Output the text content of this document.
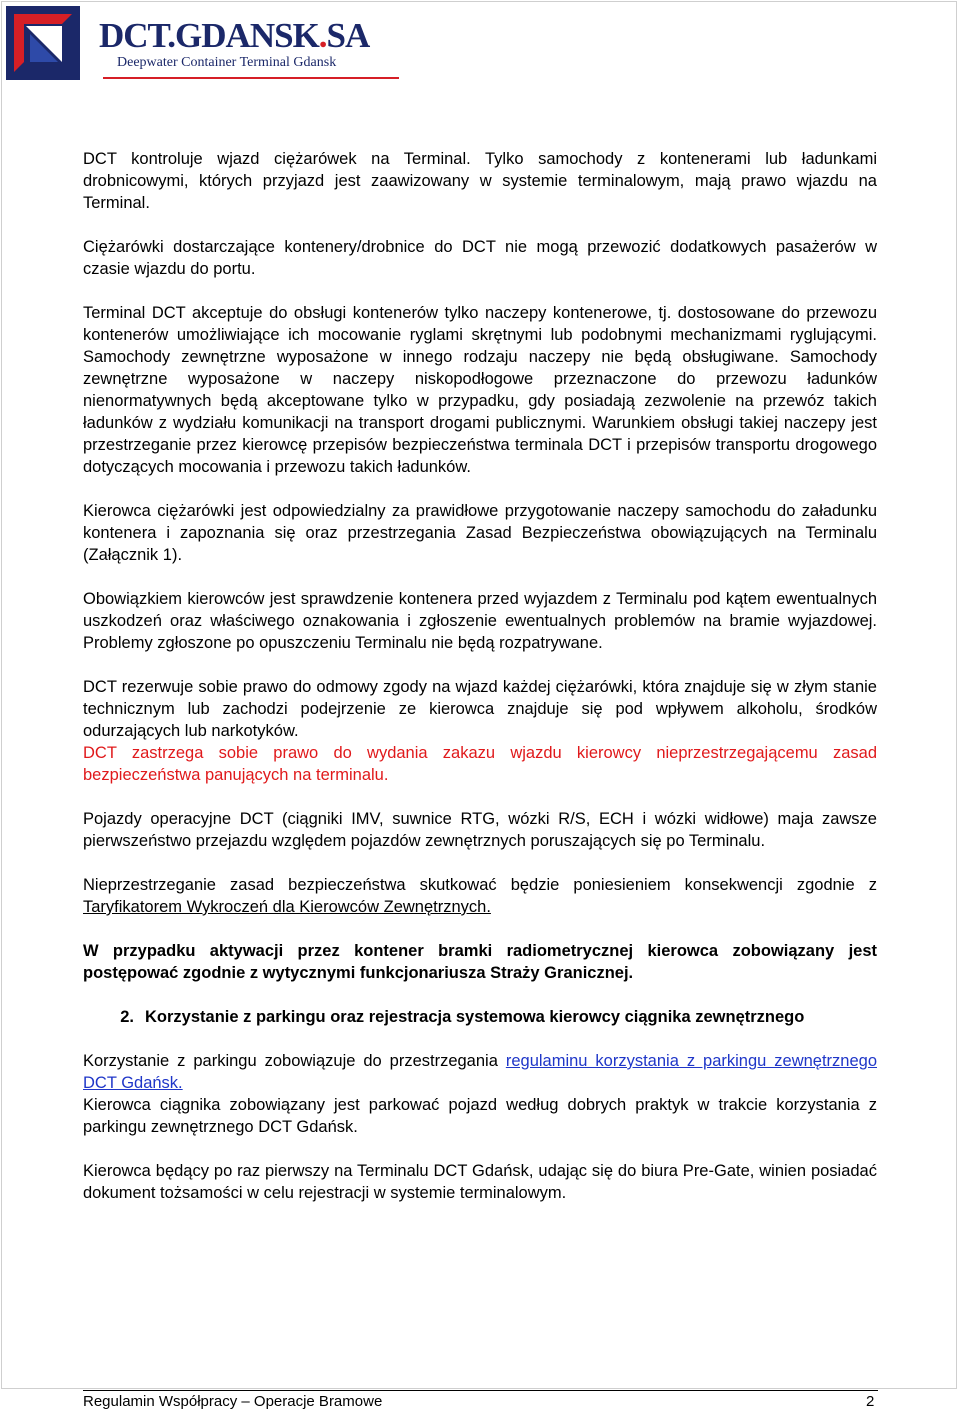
DCT.GDANSK.SA
Deepwater Container Terminal Gdansk

DCT kontroluje wjazd ciężarówek na Terminal. Tylko samochody z kontenerami lub ładunkami drobnicowymi, których przyjazd jest zaawizowany w systemie terminalowym, mają prawo wjazdu na Terminal.

Ciężarówki dostarczające kontenery/drobnice do DCT nie mogą przewozić dodatkowych pasażerów w czasie wjazdu do portu.

Terminal DCT akceptuje do obsługi kontenerów tylko naczepy kontenerowe, tj. dostosowane do przewozu kontenerów umożliwiające ich mocowanie ryglami skrętnymi lub podobnymi mechanizmami ryglującymi. Samochody zewnętrzne wyposażone w innego rodzaju naczepy nie będą obsługiwane. Samochody zewnętrzne wyposażone w naczepy niskopodłogowe przeznaczone do przewozu ładunków nienormatywnych będą akceptowane tylko w przypadku, gdy posiadają zezwolenie na przewóz takich ładunków z wydziału komunikacji na transport drogami publicznymi. Warunkiem obsługi takiej naczepy jest przestrzeganie przez kierowcę przepisów bezpieczeństwa terminala DCT i przepisów transportu drogowego dotyczących mocowania i przewozu takich ładunków.

Kierowca ciężarówki jest odpowiedzialny za prawidłowe przygotowanie naczepy samochodu do załadunku kontenera i zapoznania się oraz przestrzegania Zasad Bezpieczeństwa obowiązujących na Terminalu (Załącznik 1).

Obowiązkiem kierowców jest sprawdzenie kontenera przed wyjazdem z Terminalu pod kątem ewentualnych uszkodzeń oraz właściwego oznakowania i zgłoszenie ewentualnych problemów na bramie wyjazdowej. Problemy zgłoszone po opuszczeniu Terminalu nie będą rozpatrywane.

DCT rezerwuje sobie prawo do odmowy zgody na wjazd każdej ciężarówki, która znajduje się w złym stanie technicznym lub zachodzi podejrzenie ze kierowca znajduje się pod wpływem alkoholu, środków odurzających lub narkotyków.

DCT zastrzega sobie prawo do wydania zakazu wjazdu kierowcy nieprzestrzegającemu zasad bezpieczeństwa panujących na terminalu.

Pojazdy operacyjne DCT (ciągniki IMV, suwnice RTG, wózki R/S, ECH i wózki widłowe) maja zawsze pierwszeństwo przejazdu względem pojazdów zewnętrznych poruszających się po Terminalu.

Nieprzestrzeganie zasad bezpieczeństwa skutkować będzie poniesieniem konsekwencji zgodnie z Taryfikatorem Wykroczeń dla Kierowców Zewnętrznych.

W przypadku aktywacji przez kontener bramki radiometrycznej kierowca zobowiązany jest postępować zgodnie z wytycznymi funkcjonariusza Straży Granicznej.

2. Korzystanie z parkingu oraz rejestracja systemowa kierowcy ciągnika zewnętrznego

Korzystanie z parkingu zobowiązuje do przestrzegania regulaminu korzystania z parkingu zewnętrznego DCT Gdańsk.

Kierowca ciągnika zobowiązany jest parkować pojazd według dobrych praktyk w trakcie korzystania z parkingu zewnętrznego DCT Gdańsk.

Kierowca będący po raz pierwszy na Terminalu DCT Gdańsk, udając się do biura Pre-Gate, winien posiadać dokument tożsamości w celu rejestracji w systemie terminalowym.

Regulamin Współpracy – Operacje Bramowe	2
